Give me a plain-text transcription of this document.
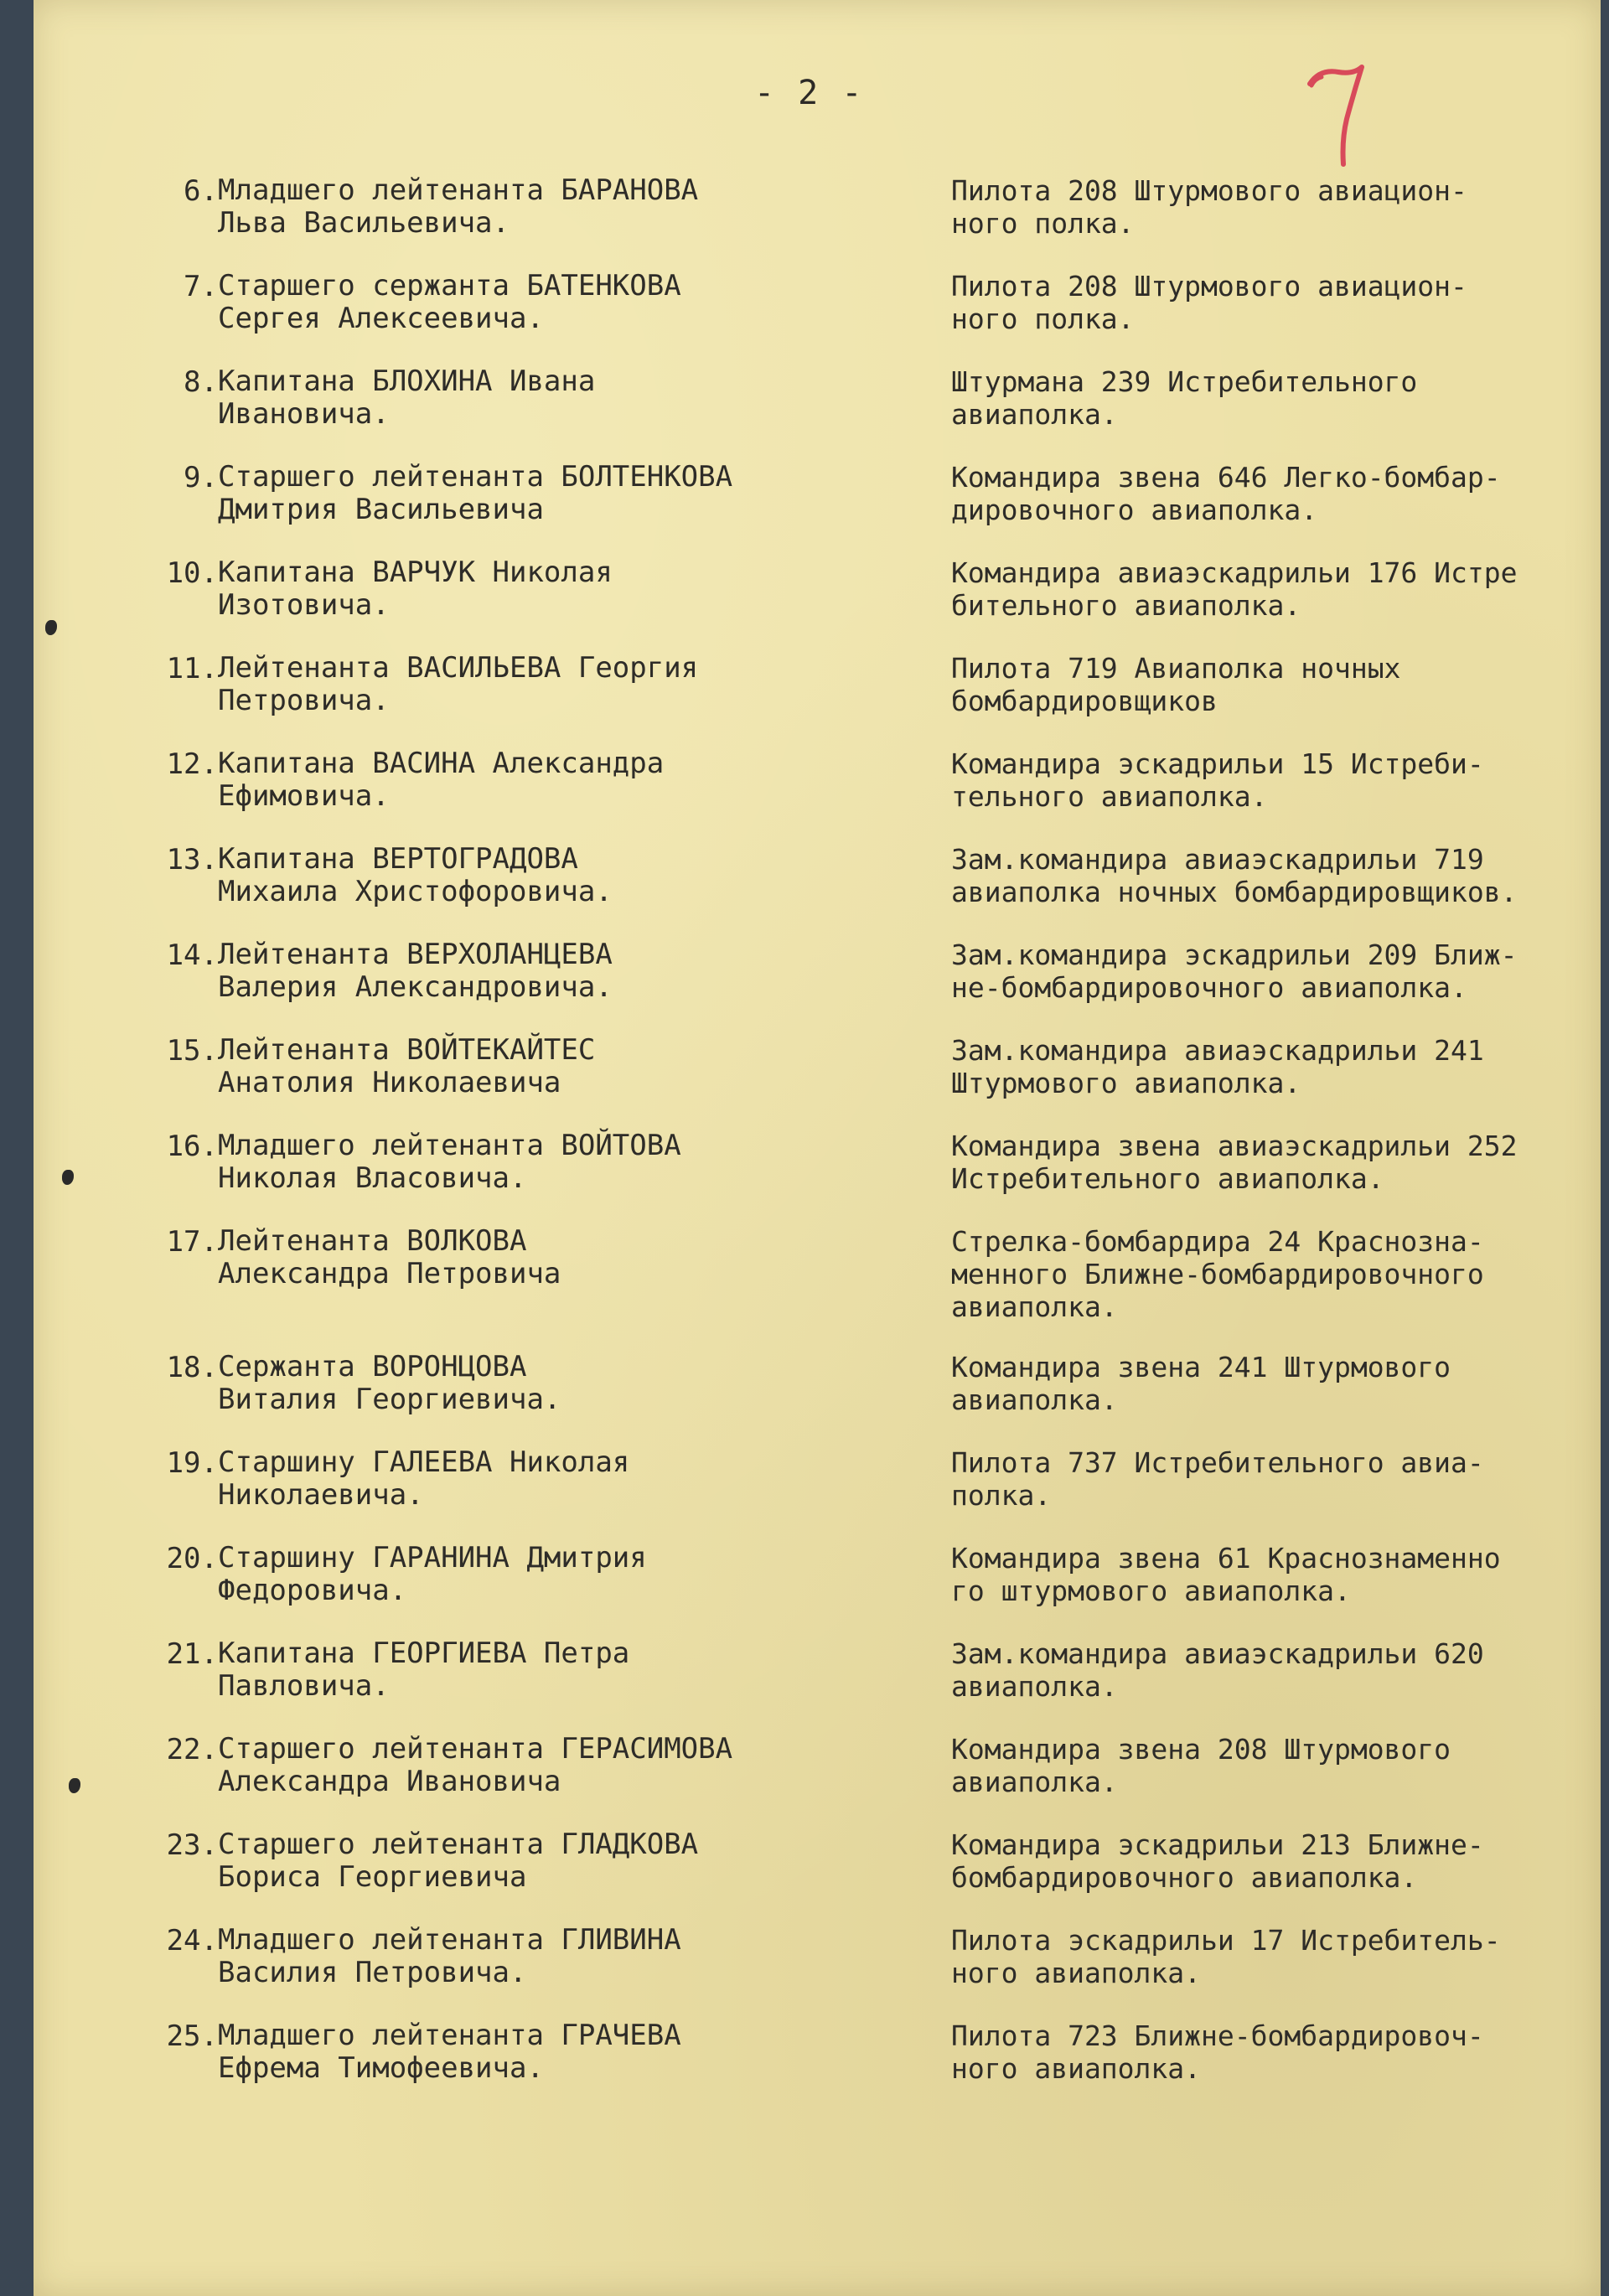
- 2 -
6. Младшего лейтенанта БАРАНОВА
Льва Васильевича.
Пилота 208 Штурмового авиацион-
ного полка.
7. Старшего сержанта БАТЕНКОВА
Сергея Алексеевича.
Пилота 208 Штурмового авиацион-
ного полка.
8. Капитана БЛОХИНА Ивана
Ивановича.
Штурмана 239 Истребительного
авиаполка.
9. Старшего лейтенанта БОЛТЕНКОВА
Дмитрия Васильевича
Командира звена 646 Легко-бомбар-
дировочного авиаполка.
10. Капитана ВАРЧУК Николая
Изотовича.
Командира авиаэскадрильи 176 Истре
бительного авиаполка.
11. Лейтенанта ВАСИЛЬЕВА Георгия
Петровича.
Пилота 719 Авиаполка ночных
бомбардировщиков
12. Капитана ВАСИНА Александра
Ефимовича.
Командира эскадрильи 15 Истреби-
тельного авиаполка.
13. Капитана ВЕРТОГРАДОВА
Михаила Христофоровича.
Зам.командира авиаэскадрильи 719
авиаполка ночных бомбардировщиков.
14. Лейтенанта ВЕРХОЛАНЦЕВА
Валерия Александровича.
Зам.командира эскадрильи 209 Ближ-
не-бомбардировочного авиаполка.
15. Лейтенанта ВОЙТЕКАЙТЕС
Анатолия Николаевича
Зам.командира авиаэскадрильи 241
Штурмового авиаполка.
16. Младшего лейтенанта ВОЙТОВА
Николая Власовича.
Командира звена авиаэскадрильи 252
Истребительного авиаполка.
17. Лейтенанта ВОЛКОВА
Александра Петровича
Стрелка-бомбардира 24 Краснозна-
менного Ближне-бомбардировочного
авиаполка.
18. Сержанта ВОРОНЦОВА
Виталия Георгиевича.
Командира звена 241 Штурмового
авиаполка.
19. Старшину ГАЛЕЕВА Николая
Николаевича.
Пилота 737 Истребительного авиа-
полка.
20. Старшину ГАРАНИНА Дмитрия
Федоровича.
Командира звена 61 Краснознаменно
го штурмового авиаполка.
21. Капитана ГЕОРГИЕВА Петра
Павловича.
Зам.командира авиаэскадрильи 620
авиаполка.
22. Старшего лейтенанта ГЕРАСИМОВА
Александра Ивановича
Командира звена 208 Штурмового
авиаполка.
23. Старшего лейтенанта ГЛАДКОВА
Бориса Георгиевича
Командира эскадрильи 213 Ближне-
бомбардировочного авиаполка.
24. Младшего лейтенанта ГЛИВИНА
Василия Петровича.
Пилота эскадрильи 17 Истребитель-
ного авиаполка.
25. Младшего лейтенанта ГРАЧЕВА
Ефрема Тимофеевича.
Пилота 723 Ближне-бомбардировоч-
ного авиаполка.
